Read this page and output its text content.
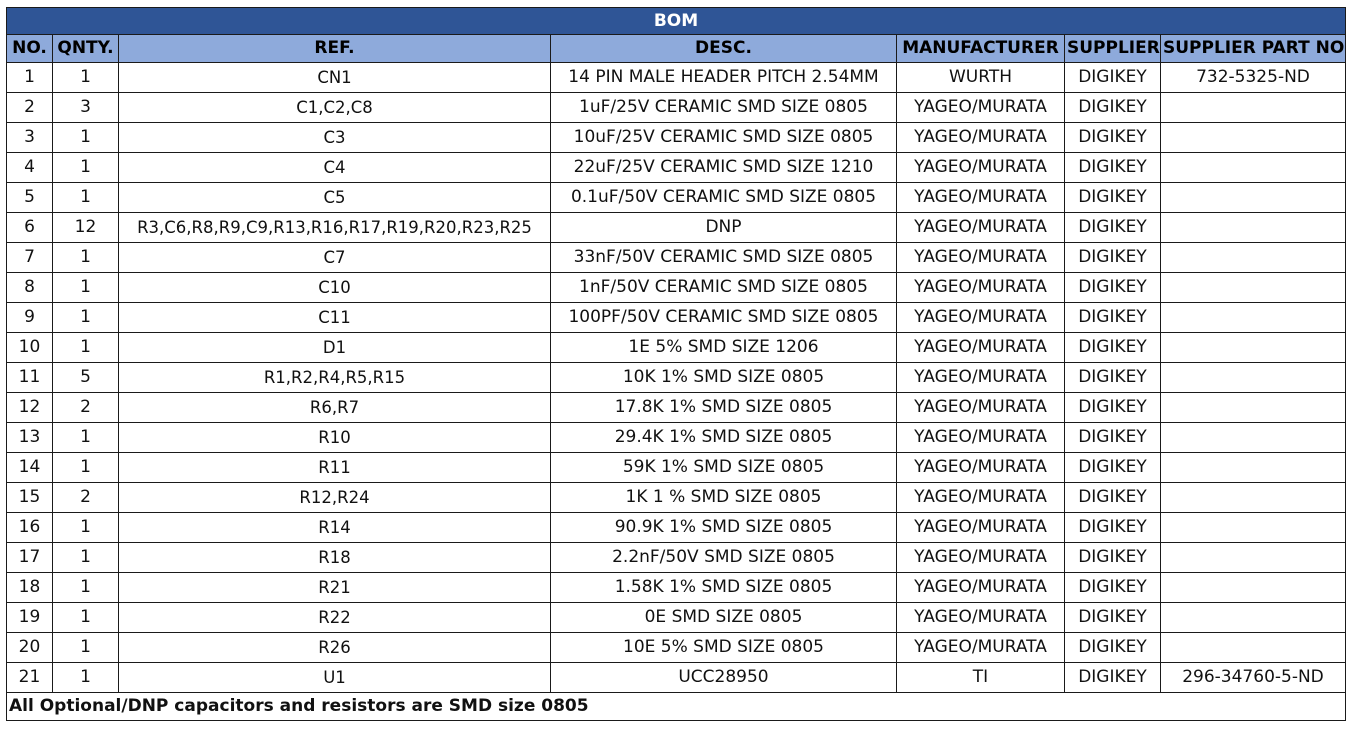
BOM						
NO.	QNTY.	REF.	DESC.	MANUFACTURER	SUPPLIER	SUPPLIER PART NO
1	1	CN1	14 PIN MALE HEADER PITCH 2.54MM	WURTH	DIGIKEY	732-5325-ND
2	3	C1,C2,C8	1uF/25V CERAMIC SMD SIZE 0805	YAGEO/MURATA	DIGIKEY	
3	1	C3	10uF/25V CERAMIC SMD SIZE 0805	YAGEO/MURATA	DIGIKEY	
4	1	C4	22uF/25V CERAMIC SMD SIZE 1210	YAGEO/MURATA	DIGIKEY	
5	1	C5	0.1uF/50V CERAMIC SMD SIZE 0805	YAGEO/MURATA	DIGIKEY	
6	12	R3,C6,R8,R9,C9,R13,R16,R17,R19,R20,R23,R25	DNP	YAGEO/MURATA	DIGIKEY	
7	1	C7	33nF/50V CERAMIC SMD SIZE 0805	YAGEO/MURATA	DIGIKEY	
8	1	C10	1nF/50V CERAMIC SMD SIZE 0805	YAGEO/MURATA	DIGIKEY	
9	1	C11	100PF/50V CERAMIC SMD SIZE 0805	YAGEO/MURATA	DIGIKEY	
10	1	D1	1E 5% SMD SIZE 1206	YAGEO/MURATA	DIGIKEY	
11	5	R1,R2,R4,R5,R15	10K 1% SMD SIZE 0805	YAGEO/MURATA	DIGIKEY	
12	2	R6,R7	17.8K 1% SMD SIZE 0805	YAGEO/MURATA	DIGIKEY	
13	1	R10	29.4K 1% SMD SIZE 0805	YAGEO/MURATA	DIGIKEY	
14	1	R11	59K 1% SMD SIZE 0805	YAGEO/MURATA	DIGIKEY	
15	2	R12,R24	1K 1 % SMD SIZE 0805	YAGEO/MURATA	DIGIKEY	
16	1	R14	90.9K 1% SMD SIZE 0805	YAGEO/MURATA	DIGIKEY	
17	1	R18	2.2nF/50V SMD SIZE 0805	YAGEO/MURATA	DIGIKEY	
18	1	R21	1.58K 1% SMD SIZE 0805	YAGEO/MURATA	DIGIKEY	
19	1	R22	0E SMD SIZE 0805	YAGEO/MURATA	DIGIKEY	
20	1	R26	10E 5% SMD SIZE 0805	YAGEO/MURATA	DIGIKEY	
21	1	U1	UCC28950	TI	DIGIKEY	296-34760-5-ND
All Optional/DNP capacitors and resistors are SMD size 0805						
